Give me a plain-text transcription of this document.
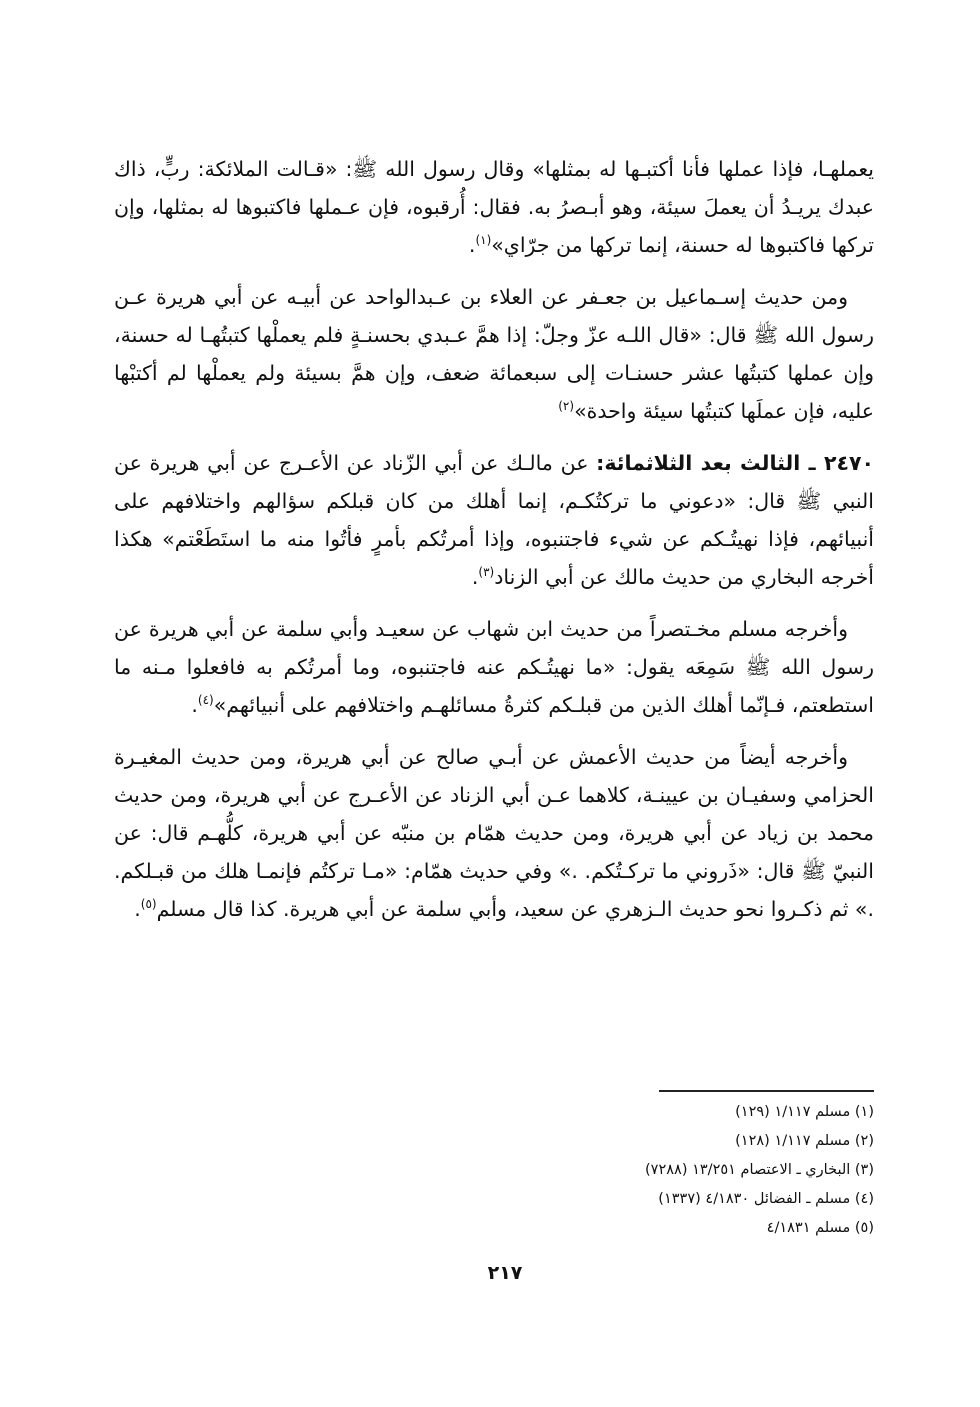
يعملهـا، فإذا عملها فأنا أكتبـها له بمثلها» وقال رسول الله ﷺ: «قـالت الملائكة: ربٍّ، ذاك عبدك يريـدُ أن يعملَ سيئة، وهو أبـصرُ به. فقال: أُرقبوه، فإن عـملها فاكتبوها له بمثلها، وإن تركها فاكتبوها له حسنة، إنما تركها من جرّاي»$^{(١)}$.

ومن حديث إسـماعيل بن جعـفر عن العلاء بن عـبدالواحد عن أبيـه عن أبي هريرة عـن رسول الله ﷺ قال: «قال اللـه عزّ وجلّ: إذا همَّ عـبدي بحسنـةٍ فلم يعملْها كتبتُهـا له حسنة، وإن عملها كتبتُها عشر حسنـات إلى سبعمائة ضعف، وإن همَّ بسيئة ولم يعملْها لم أكتبْها عليه، فإن عملَها كتبتُها سيئة واحدة»$^{(٢)}$

٢٤٧٠ ـ الثالث بعد الثلاثمائة: عن مالـك عن أبي الزّناد عن الأعـرج عن أبي هريرة عن النبي ﷺ قال: «دعوني ما تركتُكـم، إنما أهلك من كان قبلكم سؤالهم واختلافهم على أنبيائهم، فإذا نهيتُـكم عن شيء فاجتنبوه، وإذا أمرتُكم بأمرٍ فأتُوا منه ما استَطَعْتم» هكذا أخرجه البخاري من حديث مالك عن أبي الزناد$^{(٣)}$.

وأخرجه مسلم مخـتصراً من حديث ابن شهاب عن سعيـد وأبي سلمة عن أبي هريرة عن رسول الله ﷺ سَمِعَه يقول: «ما نهيتُـكم عنه فاجتنبوه، وما أمرتُكم به فافعلوا مـنه ما استطعتم، فـإنّما أهلك الذين من قبلـكم كثرةُ مسائلهـم واختلافهم على أنبيائهم»$^{(٤)}$.

وأخرجه أيضاً من حديث الأعمش عن أبـي صالح عن أبي هريرة، ومن حديث المغيـرة الحزامي وسفيـان بن عيينـة، كلاهما عـن أبي الزناد عن الأعـرج عن أبي هريرة، ومن حديث محمد بن زياد عن أبي هريرة، ومن حديث همّام بن منبّه عن أبي هريرة، كلُّهـم قال: عن النبيّ ﷺ قال: «ذَروني ما تركـتُكم. .» وفي حديث همّام: «مـا تركتُم فإنمـا هلك من قبـلكم. .» ثم ذكـروا نحو حديث الـزهري عن سعيد، وأبي سلمة عن أبي هريرة. كذا قال مسلم$^{(٥)}$.

(١) مسلم ١/١١٧ (١٢٩)
(٢) مسلم ١/١١٧ (١٢٨)
(٣) البخاري ـ الاعتصام ١٣/٢٥١ (٧٢٨٨)
(٤) مسلم ـ الفضائل ٤/١٨٣٠ (١٣٣٧)
(٥) مسلم ٤/١٨٣١
٢١٧
